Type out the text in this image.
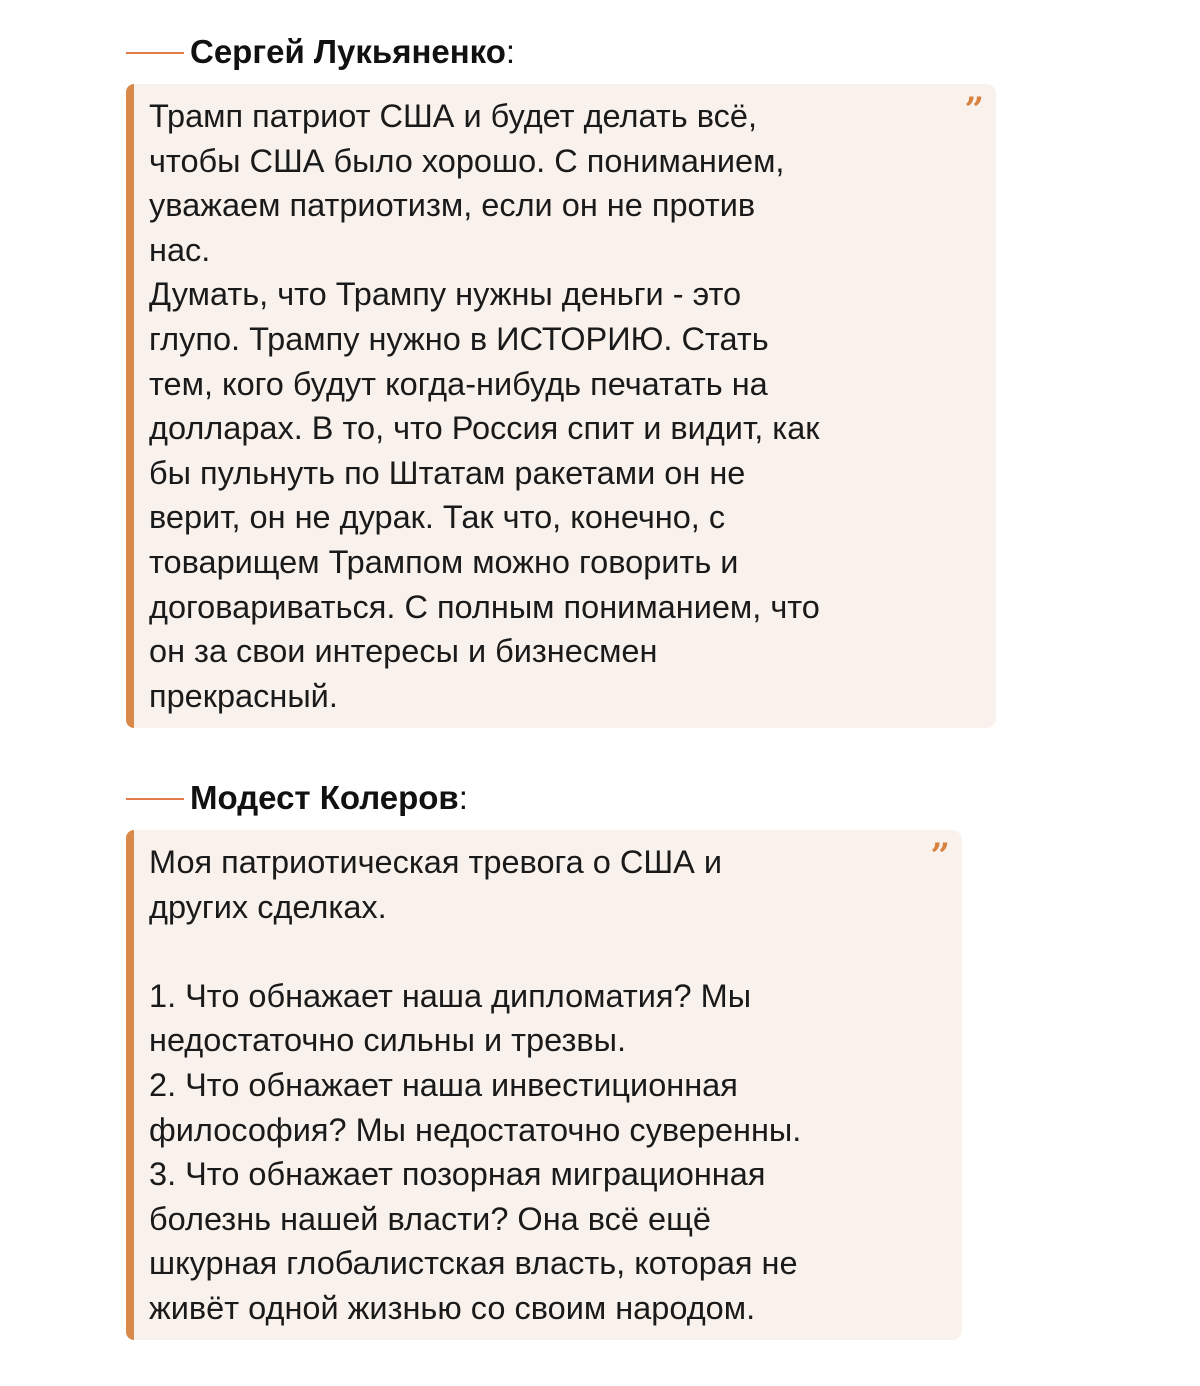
Сергей Лукьяненко :
”

Трамп патриот США и будет делать всё,
чтобы США было хорошо. С пониманием,
уважаем патриотизм, если он не против
нас.
Думать, что Трампу нужны деньги - это
глупо. Трампу нужно в ИСТОРИЮ. Стать
тем, кого будут когда-нибудь печатать на
долларах. В то, что Россия спит и видит, как
бы пульнуть по Штатам ракетами он не
верит, он не дурак. Так что, конечно, с
товарищем Трампом можно говорить и
договариваться. С полным пониманием, что
он за свои интересы и бизнесмен
прекрасный.

Модест Колеров :
”

Моя патриотическая тревога о США и
других сделках.

1. Что обнажает наша дипломатия? Мы
недостаточно сильны и трезвы.
2. Что обнажает наша инвестиционная
философия? Мы недостаточно суверенны.
3. Что обнажает позорная миграционная
болезнь нашей власти? Она всё ещё
шкурная глобалистская власть, которая не
живёт одной жизнью со своим народом.
